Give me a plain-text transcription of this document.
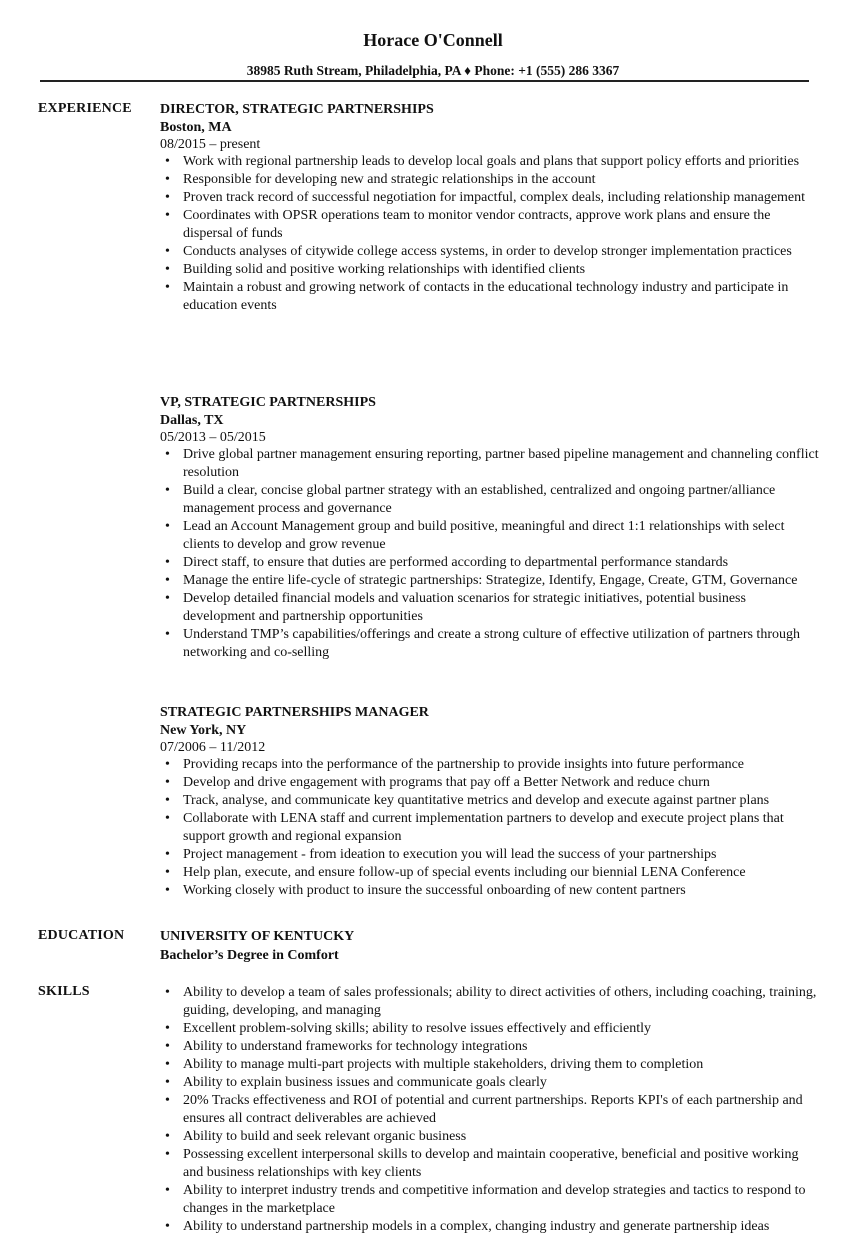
Horace O'Connell
38985 Ruth Stream, Philadelphia, PA ♦ Phone: +1 (555) 286 3367
EXPERIENCE DIRECTOR, STRATEGIC PARTNERSHIPS
Boston, MA
08/2015 – present
• Work with regional partnership leads to develop local goals and plans that support policy efforts and priorities
• Responsible for developing new and strategic relationships in the account
• Proven track record of successful negotiation for impactful, complex deals, including relationship management
• Coordinates with OPSR operations team to monitor vendor contracts, approve work plans and ensure the dispersal of funds
• Conducts analyses of citywide college access systems, in order to develop stronger implementation practices
• Building solid and positive working relationships with identified clients
• Maintain a robust and growing network of contacts in the educational technology industry and participate in education events
VP, STRATEGIC PARTNERSHIPS
Dallas, TX
05/2013 – 05/2015
• Drive global partner management ensuring reporting, partner based pipeline management and channeling conflict resolution
• Build a clear, concise global partner strategy with an established, centralized and ongoing partner/alliance management process and governance
• Lead an Account Management group and build positive, meaningful and direct 1:1 relationships with select clients to develop and grow revenue
• Direct staff, to ensure that duties are performed according to departmental performance standards
• Manage the entire life-cycle of strategic partnerships: Strategize, Identify, Engage, Create, GTM, Governance
• Develop detailed financial models and valuation scenarios for strategic initiatives, potential business development and partnership opportunities
• Understand TMP’s capabilities/offerings and create a strong culture of effective utilization of partners through networking and co-selling
STRATEGIC PARTNERSHIPS MANAGER
New York, NY
07/2006 – 11/2012
• Providing recaps into the performance of the partnership to provide insights into future performance
• Develop and drive engagement with programs that pay off a Better Network and reduce churn
• Track, analyse, and communicate key quantitative metrics and develop and execute against partner plans
• Collaborate with LENA staff and current implementation partners to develop and execute project plans that support growth and regional expansion
• Project management - from ideation to execution you will lead the success of your partnerships
• Help plan, execute, and ensure follow-up of special events including our biennial LENA Conference
• Working closely with product to insure the successful onboarding of new content partners
EDUCATION	UNIVERSITY OF KENTUCKY
Bachelor’s Degree in Comfort
SKILLS
•	Ability to develop a team of sales professionals; ability to direct activities of others, including coaching, training, guiding, developing, and managing
• Excellent problem-solving skills; ability to resolve issues effectively and efficiently
• Ability to understand frameworks for technology integrations
• Ability to manage multi-part projects with multiple stakeholders, driving them to completion
• Ability to explain business issues and communicate goals clearly
• 20% Tracks effectiveness and ROI of potential and current partnerships. Reports KPI's of each partnership and ensures all contract deliverables are achieved
• Ability to build and seek relevant organic business
• Possessing excellent interpersonal skills to develop and maintain cooperative, beneficial and positive working and business relationships with key clients
• Ability to interpret industry trends and competitive information and develop strategies and tactics to respond to changes in the marketplace
• Ability to understand partnership models in a complex, changing industry and generate partnership ideas
